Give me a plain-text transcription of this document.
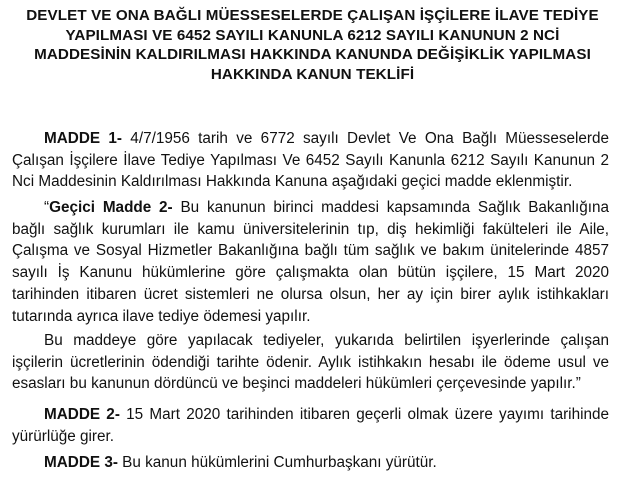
DEVLET VE ONA BAĞLI MÜESSESELERDE ÇALIŞAN İŞÇİLERE İLAVE TEDİYE
YAPILMASI VE 6452 SAYILI KANUNLA 6212 SAYILI KANUNUN 2 NCİ
MADDESİNİN KALDIRILMASI HAKKINDA KANUNDA DEĞİŞİKLİK YAPILMASI
HAKKINDA KANUN TEKLİFİ
MADDE 1- 4/7/1956 tarih ve 6772 sayılı Devlet Ve Ona Bağlı Müesseselerde Çalışan İşçilere İlave Tediye Yapılması Ve 6452 Sayılı Kanunla 6212 Sayılı Kanunun 2 Nci Maddesinin Kaldırılması Hakkında Kanuna aşağıdaki geçici madde eklenmiştir.
“Geçici Madde 2- Bu kanunun birinci maddesi kapsamında Sağlık Bakanlığına bağlı sağlık kurumları ile kamu üniversitelerinin tıp, diş hekimliği fakülteleri ile Aile, Çalışma ve Sosyal Hizmetler Bakanlığına bağlı tüm sağlık ve bakım ünitelerinde 4857 sayılı İş Kanunu hükümlerine göre çalışmakta olan bütün işçilere, 15 Mart 2020 tarihinden itibaren ücret sistemleri ne olursa olsun, her ay için birer aylık istihkakları tutarında ayrıca ilave tediye ödemesi yapılır.
Bu maddeye göre yapılacak tediyeler, yukarıda belirtilen işyerlerinde çalışan işçilerin ücretlerinin ödendiği tarihte ödenir. Aylık istihkakın hesabı ile ödeme usul ve esasları bu kanunun dördüncü ve beşinci maddeleri hükümleri çerçevesinde yapılır.”
MADDE 2- 15 Mart 2020 tarihinden itibaren geçerli olmak üzere yayımı tarihinde yürürlüğe girer.
MADDE 3- Bu kanun hükümlerini Cumhurbaşkanı yürütür.
